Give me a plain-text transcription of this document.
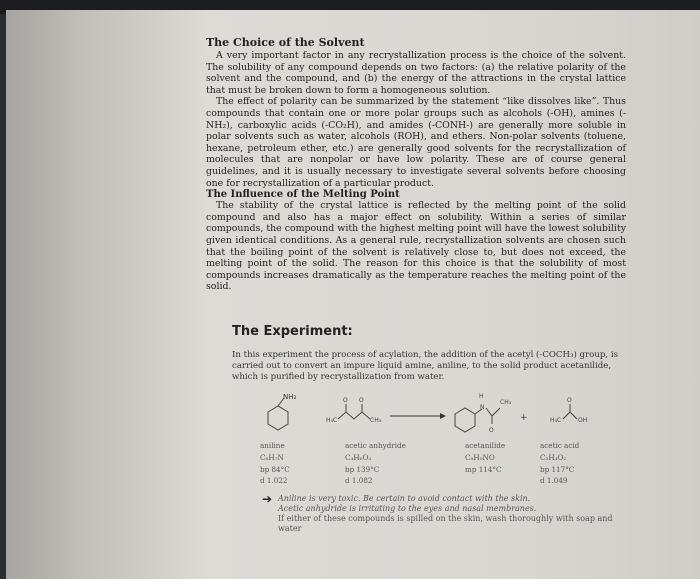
The Choice of the Solvent

A very important factor in any recrystallization process is the choice of the solvent. The solubility of any compound depends on two factors: (a) the relative polarity of the solvent and the compound, and (b) the energy of the attractions in the crystal lattice that must be broken down to form a homogeneous solution.

The effect of polarity can be summarized by the statement “like dissolves like”. Thus compounds that contain one or more polar groups such as alcohols (-OH), amines (-NH₂), carboxylic acids (-CO₂H), and amides (-CONH-) are generally more soluble in polar solvents such as water, alcohols (ROH), and ethers. Non-polar solvents (toluene, hexane, petroleum ether, etc.) are generally good solvents for the recrystallization of molecules that are nonpolar or have low polarity. These are of course general guidelines, and it is usually necessary to investigate several solvents before choosing one for recrystallization of a particular product.

The Influence of the Melting Point

The stability of the crystal lattice is reflected by the melting point of the solid compound and also has a major effect on solubility. Within a series of similar compounds, the compound with the highest melting point will have the lowest solubility given identical conditions. As a general rule, recrystallization solvents are chosen such that the boiling point of the solvent is relatively close to, but does not exceed, the melting point of the solid. The reason for this choice is that the solubility of most compounds increases dramatically as the temperature reaches the melting point of the solid.

The Experiment:
In this experiment the process of acylation, the addition of the acetyl (-COCH₃) group, is carried out to convert an impure liquid amine, aniline, to the solid product acetanilide, which is purified by recrystallization from water.
NH₂
H₃C
O O
CH₃
H
N
CH₃
O
+	H₃C
O
OH
aniline
C₆H₇N
bp 84°C
d 1.022
acetic anhydride
C₄H₆O₃
bp 139°C
d 1.082
acetanilide
C₈H₉NO
mp 114°C
acetic acid
C₂H₄O₂
bp 117°C
d 1.049
➔ Aniline is very toxic. Be certain to avoid contact with the skin.
Acetic anhydride is irritating to the eyes and nasal membranes.
If either of these compounds is spilled on the skin, wash thoroughly with soap and water
